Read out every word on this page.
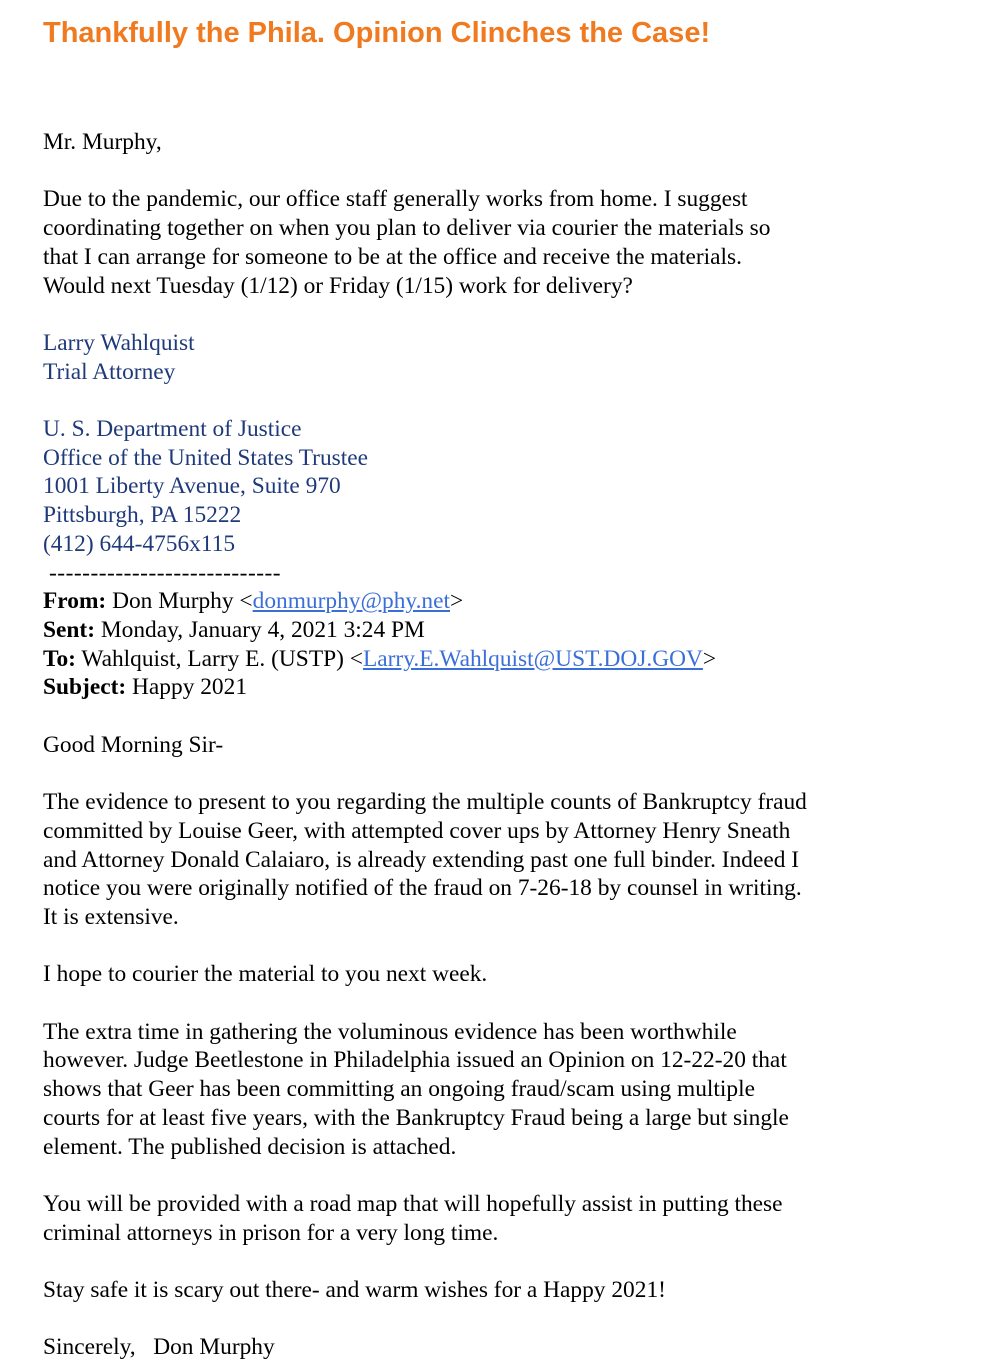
Thankfully the Phila. Opinion Clinches the Case!

Mr. Murphy,

Due to the pandemic, our office staff generally works from home. I suggest
coordinating together on when you plan to deliver via courier the materials so
that I can arrange for someone to be at the office and receive the materials.
Would next Tuesday (1/12) or Friday (1/15) work for delivery?

Larry Wahlquist
Trial Attorney

U. S. Department of Justice
Office of the United States Trustee
1001 Liberty Avenue, Suite 970
Pittsburgh, PA 15222
(412) 644-4756x115

----------------------------

From: Don Murphy <donmurphy@phy.net>
Sent: Monday, January 4, 2021 3:24 PM
To: Wahlquist, Larry E. (USTP) <Larry.E.Wahlquist@UST.DOJ.GOV>
Subject: Happy 2021

Good Morning Sir-

The evidence to present to you regarding the multiple counts of Bankruptcy fraud
committed by Louise Geer, with attempted cover ups by Attorney Henry Sneath
and Attorney Donald Calaiaro, is already extending past one full binder. Indeed I
notice you were originally notified of the fraud on 7-26-18 by counsel in writing.
It is extensive.

I hope to courier the material to you next week.

The extra time in gathering the voluminous evidence has been worthwhile
however. Judge Beetlestone in Philadelphia issued an Opinion on 12-22-20 that
shows that Geer has been committing an ongoing fraud/scam using multiple
courts for at least five years, with the Bankruptcy Fraud being a large but single
element. The published decision is attached.

You will be provided with a road map that will hopefully assist in putting these
criminal attorneys in prison for a very long time.

Stay safe it is scary out there- and warm wishes for a Happy 2021!

Sincerely,   Don Murphy
